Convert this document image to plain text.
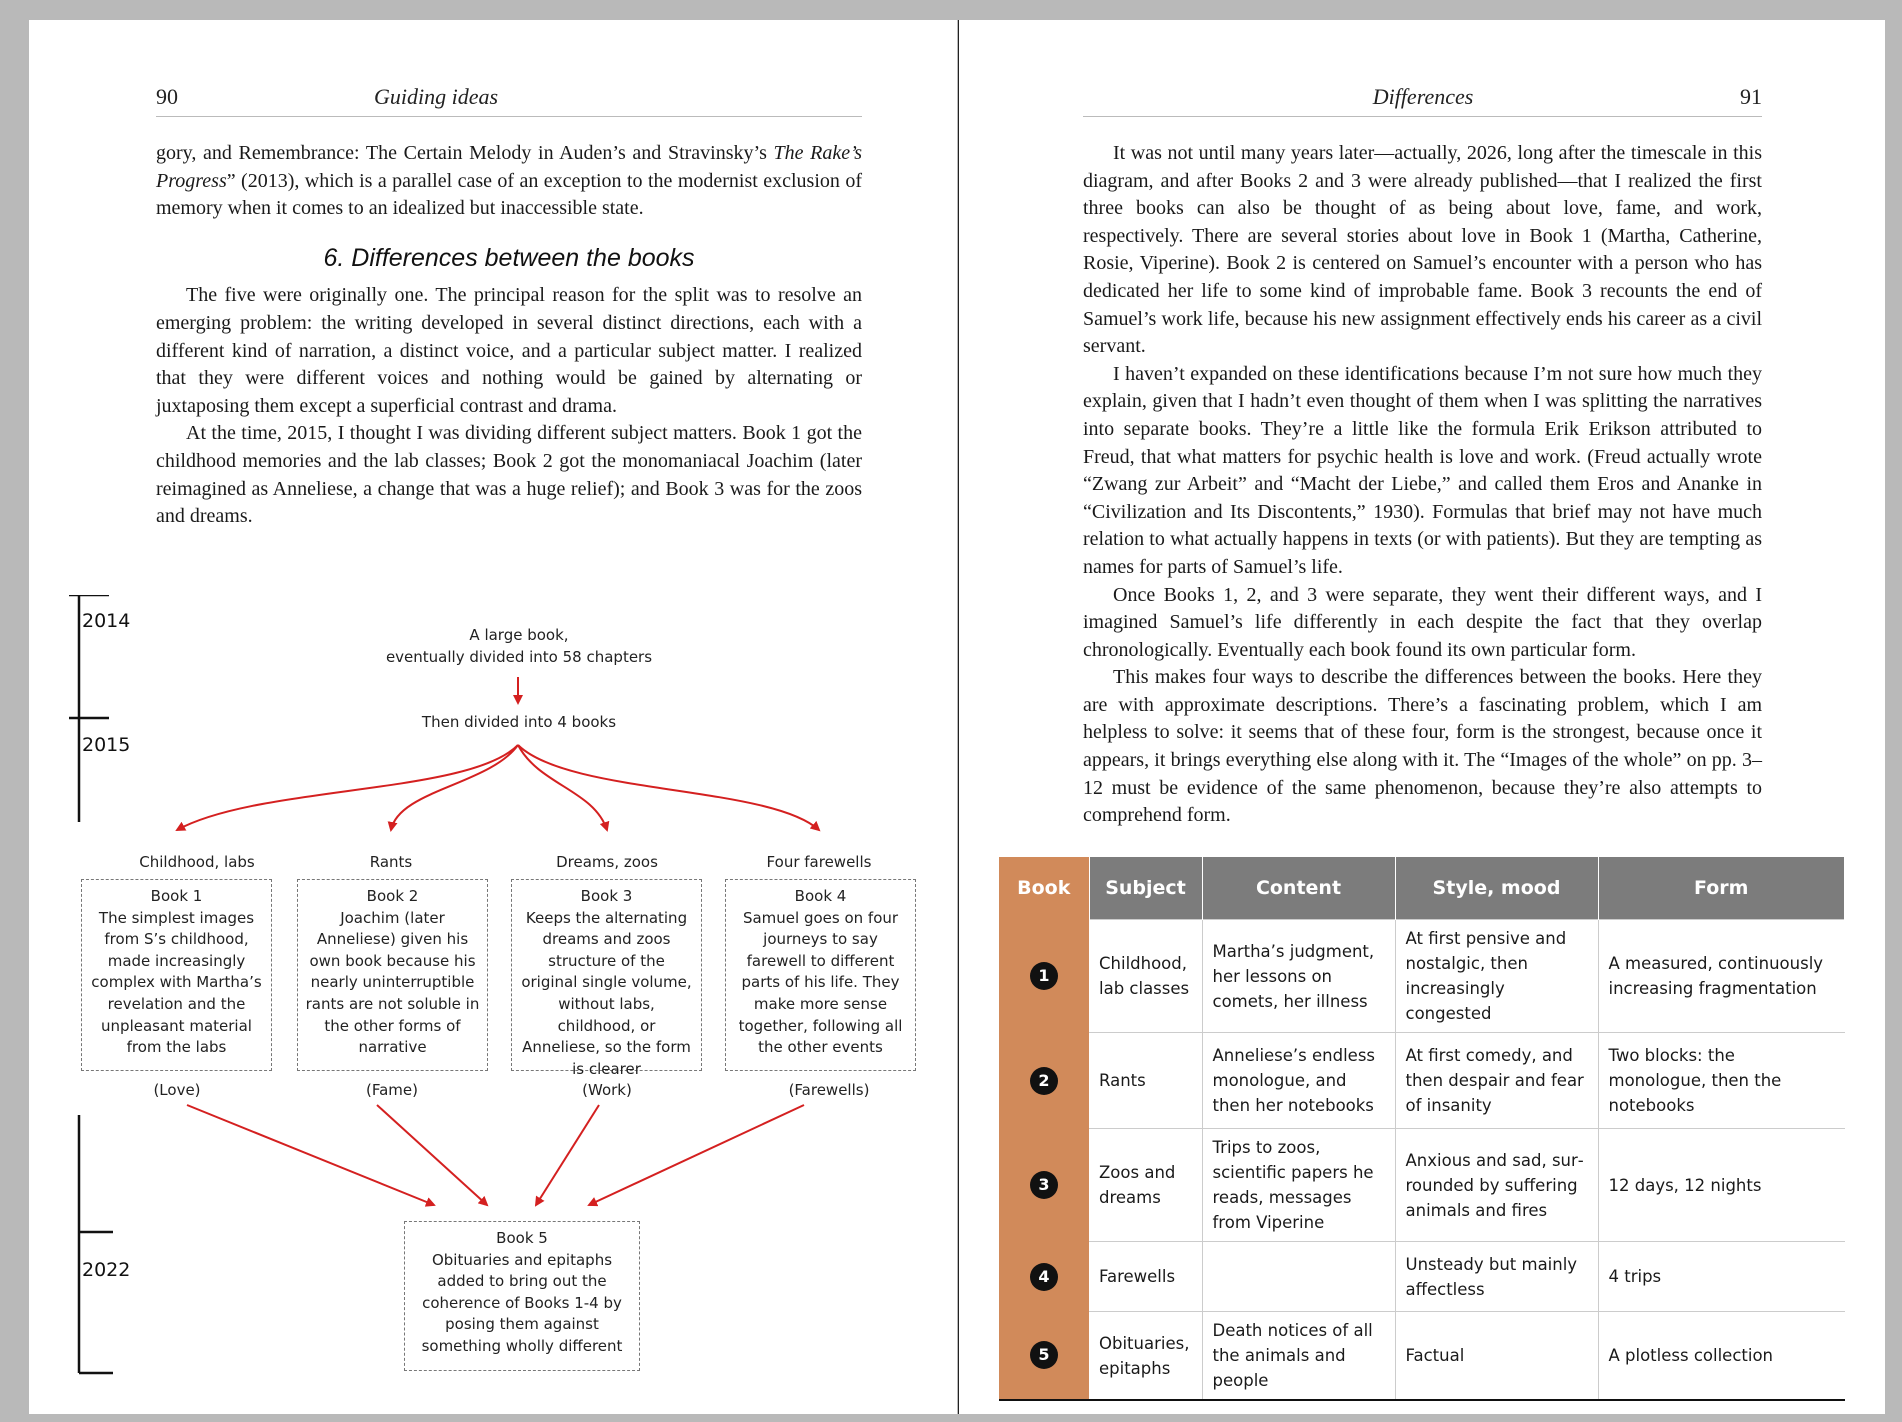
90	Guiding ideas

gory, and Remembrance: The Certain Melody in Auden’s and Stravinsky’s The Rake’s Progress” (2013), which is a parallel case of an exception to the modernist exclusion of memory when it comes to an idealized but inaccessible state.

6. Differences between the books

The five were originally one. The principal reason for the split was to resolve an emerging problem: the writing developed in several distinct directions, each with a different kind of narration, a distinct voice, and a particular subject matter. I realized that they were different voices and nothing would be gained by alternating or juxtaposing them except a superficial contrast and drama.

At the time, 2015, I thought I was dividing different subject matters. Book 1 got the childhood memories and the lab classes; Book 2 got the monomaniacal Joachim (later reimagined as Anneliese, a change that was a huge relief); and Book 3 was for the zoos and dreams.

2014
2015
2022
A large book,
eventually divided into 58 chapters
Then divided into 4 books
Childhood, labs	Rants	Dreams, zoos	Four farewells
Book 1
The simplest images from S’s childhood, made increasingly complex with Martha’s revelation and the unpleasant material from the labs
Book 2
Joachim (later Anneliese) given his own book because his nearly uninterruptible rants are not soluble in the other forms of narrative
Book 3
Keeps the alternating dreams and zoos structure of the original single volume, without labs, childhood, or Anneliese, so the form is clearer
Book 4
Samuel goes on four journeys to say farewell to different parts of his life. They make more sense together, following all the other events
(Love)	(Fame)	(Work)	(Farewells)
Book 5
Obituaries and epitaphs added to bring out the coherence of Books 1-4 by posing them against something wholly different
Differences	91

It was not until many years later—actually, 2026, long after the timescale in this diagram, and after Books 2 and 3 were already published—that I realized the first three books can also be thought of as being about love, fame, and work, respectively. There are several stories about love in Book 1 (Martha, Catherine, Rosie, Viperine). Book 2 is centered on Samuel’s encounter with a person who has dedicated her life to some kind of improbable fame. Book 3 recounts the end of Samuel’s work life, because his new assignment effectively ends his career as a civil servant.

I haven’t expanded on these identifications because I’m not sure how much they explain, given that I hadn’t even thought of them when I was splitting the narratives into separate books. They’re a little like the formula Erik Erikson attributed to Freud, that what matters for psychic health is love and work. (Freud actually wrote “Zwang zur Arbeit” and “Macht der Liebe,” and called them Eros and Ananke in “Civilization and Its Discontents,” 1930). Formulas that brief may not have much relation to what actually happens in texts (or with patients). But they are tempting as names for parts of Samuel’s life.

Once Books 1, 2, and 3 were separate, they went their different ways, and I imagined Samuel’s life differently in each despite the fact that they overlap chronologically. Eventually each book found its own particular form.

This makes four ways to describe the differences between the books. Here they are with approximate descriptions. There’s a fascinating problem, which I am helpless to solve: it seems that of these four, form is the strongest, because once it appears, it brings everything else along with it. The “Images of the whole” on pp. 3–12 must be evidence of the same phenomenon, because they’re also attempts to comprehend form.

Book	Subject	Content	Style, mood	Form
1	Childhood, lab classes	Martha’s judgment, her lessons on comets, her illness	At first pensive and nostalgic, then increasingly congested	A measured, continuously increasing fragmentation
2	Rants	Anneliese’s endless monologue, and then her notebooks	At first comedy, and then despair and fear of insanity	Two blocks: the monologue, then the notebooks
3	Zoos and dreams	Trips to zoos, scientific papers he reads, messages from Viperine	Anxious and sad, surrounded by suffering animals and fires	12 days, 12 nights
4	Farewells		Unsteady but mainly affectless	4 trips
5	Obituaries, epitaphs	Death notices of all the animals and people	Factual	A plotless collection
